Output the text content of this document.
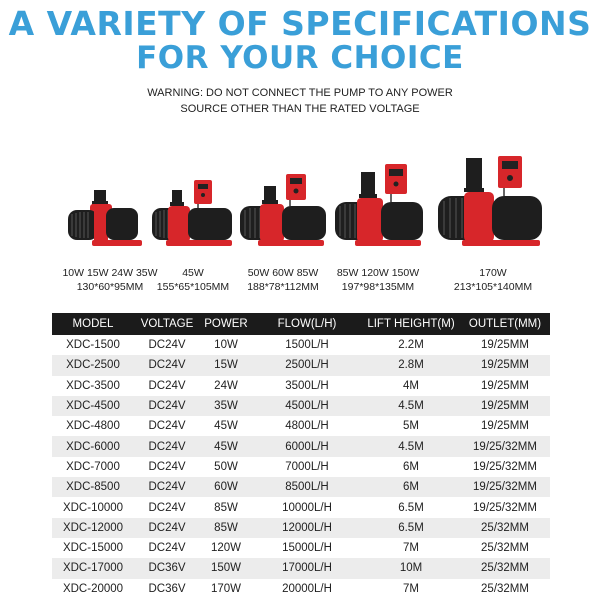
A VARIETY OF SPECIFICATIONS
FOR YOUR CHOICE
WARNING: DO NOT CONNECT THE PUMP TO ANY POWER
SOURCE OTHER THAN THE RATED VOLTAGE
10W 15W 24W 35W
130*60*95MM
45W
155*65*105MM
50W 60W 85W
188*78*112MM
85W 120W 150W
197*98*135MM
170W
213*105*140MM
MODEL	VOLTAGE	POWER	FLOW(L/H)	LIFT HEIGHT(M)	OUTLET(MM)
XDC-1500	DC24V	10W	1500L/H	2.2M	19/25MM
XDC-2500	DC24V	15W	2500L/H	2.8M	19/25MM
XDC-3500	DC24V	24W	3500L/H	4M	19/25MM
XDC-4500	DC24V	35W	4500L/H	4.5M	19/25MM
XDC-4800	DC24V	45W	4800L/H	5M	19/25MM
XDC-6000	DC24V	45W	6000L/H	4.5M	19/25/32MM
XDC-7000	DC24V	50W	7000L/H	6M	19/25/32MM
XDC-8500	DC24V	60W	8500L/H	6M	19/25/32MM
XDC-10000	DC24V	85W	10000L/H	6.5M	19/25/32MM
XDC-12000	DC24V	85W	12000L/H	6.5M	25/32MM
XDC-15000	DC24V	120W	15000L/H	7M	25/32MM
XDC-17000	DC36V	150W	17000L/H	10M	25/32MM
XDC-20000	DC36V	170W	20000L/H	7M	25/32MM
